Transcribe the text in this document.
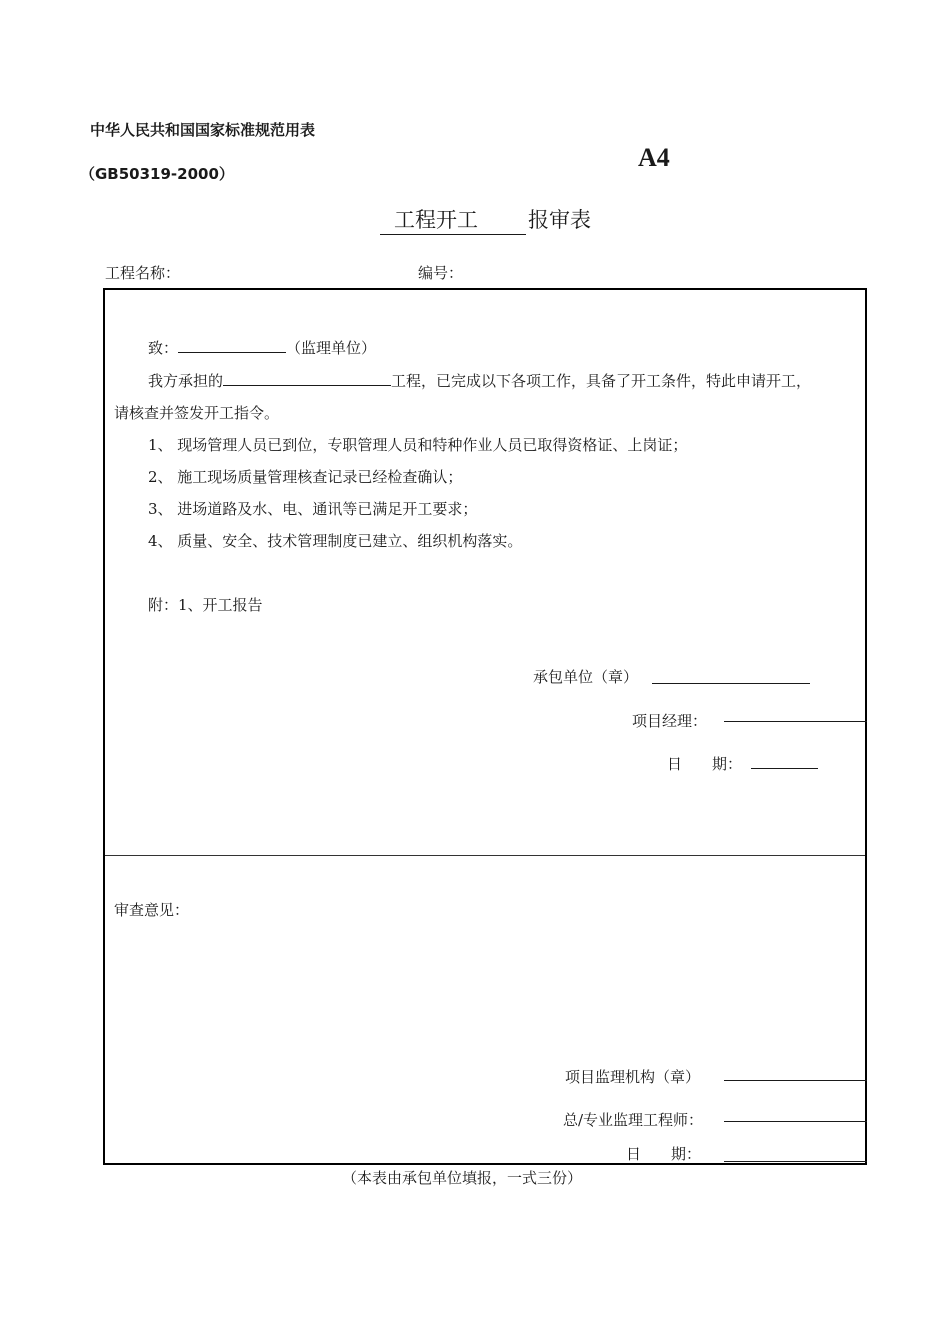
中华人民共和国国家标准规范用表
（GB50319-2000）
A4
工程开工 报审表
工程名称：	编号：
致：	（监理单位）
我方承担的	工程，已完成以下各项工作，具备了开工条件，特此申请开工，
请核查并签发开工指令。
1、 现场管理人员已到位，专职管理人员和特种作业人员已取得资格证、上岗证；
2、 施工现场质量管理核查记录已经检查确认；
3、 进场道路及水、电、通讯等已满足开工要求；
4、 质量、安全、技术管理制度已建立、组织机构落实。
附：1、开工报告
承包单位（章）
项目经理：
日　　期：
审查意见：
项目监理机构（章）
总/专业监理工程师：
日　　期：
（本表由承包单位填报，一式三份）
